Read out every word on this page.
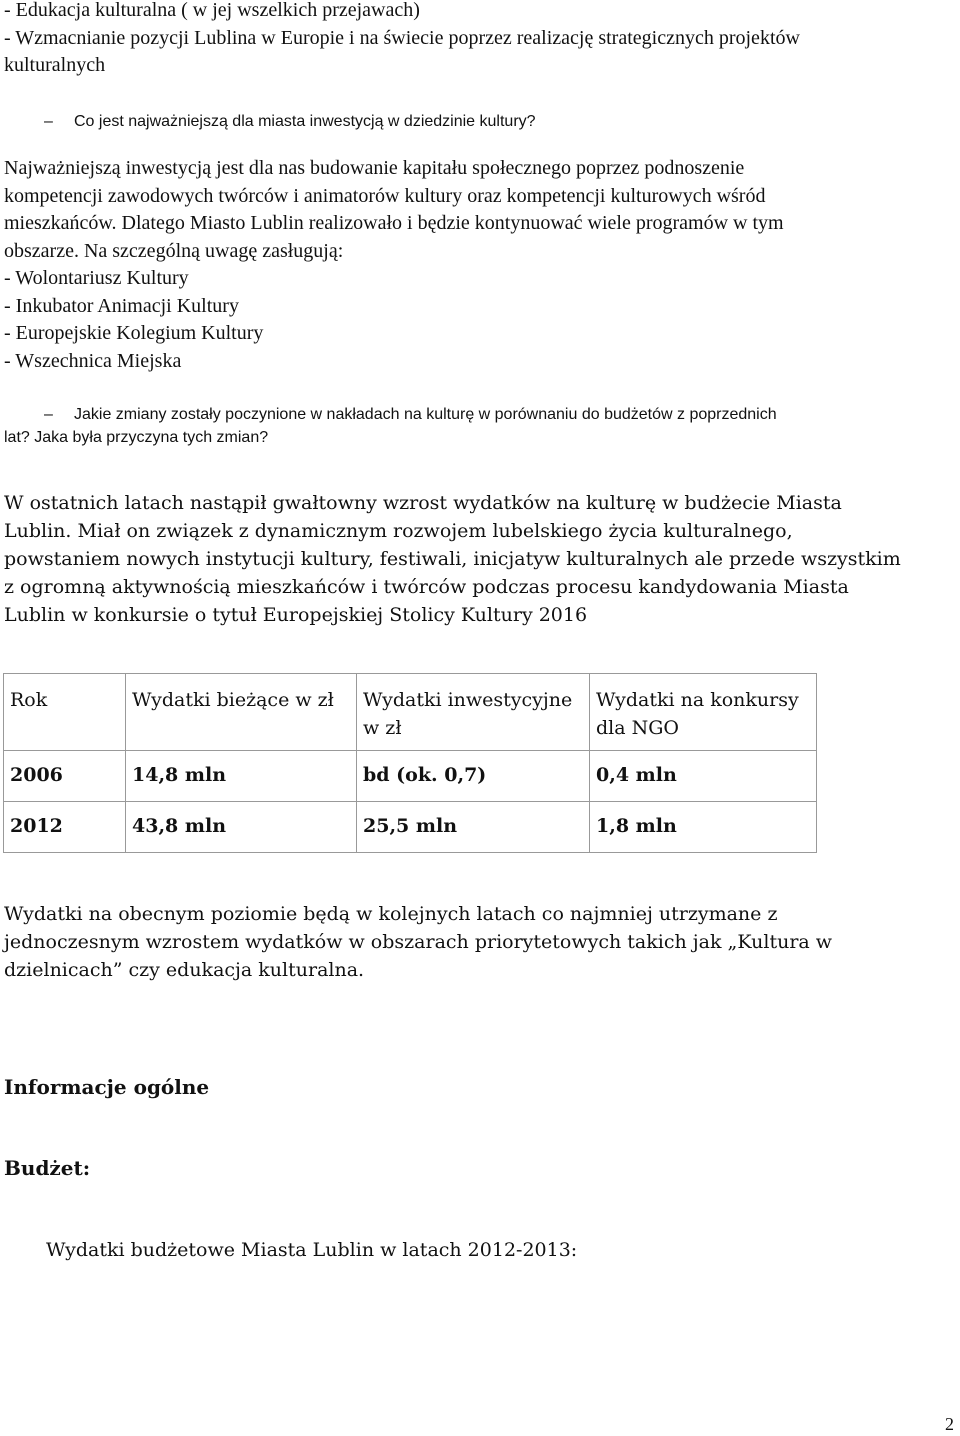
- Edukacja kulturalna ( w jej wszelkich przejawach)
- Wzmacnianie pozycji Lublina w Europie i na świecie poprzez realizację strategicznych projektów
kulturalnych
– Co jest najważniejszą dla miasta inwestycją w dziedzinie kultury?
Najważniejszą inwestycją jest dla nas budowanie kapitału społecznego poprzez podnoszenie
kompetencji zawodowych twórców i animatorów kultury oraz kompetencji kulturowych wśród
mieszkańców. Dlatego Miasto Lublin realizowało i będzie kontynuować wiele programów w tym
obszarze. Na szczególną uwagę zasługują:
- Wolontariusz Kultury
- Inkubator Animacji Kultury
- Europejskie Kolegium Kultury
- Wszechnica Miejska
– Jakie zmiany zostały poczynione w nakładach na kulturę w porównaniu do budżetów z poprzednich
lat? Jaka była przyczyna tych zmian?
W ostatnich latach nastąpił gwałtowny wzrost wydatków na kulturę w budżecie Miasta
Lublin. Miał on związek z dynamicznym rozwojem lubelskiego życia kulturalnego,
powstaniem nowych instytucji kultury, festiwali, inicjatyw kulturalnych ale przede wszystkim
z ogromną aktywnością mieszkańców i twórców podczas procesu kandydowania Miasta
Lublin w konkursie o tytuł Europejskiej Stolicy Kultury 2016
Rok	Wydatki bieżące w zł	Wydatki inwestycyjne w zł	Wydatki na konkursy dla NGO
2006	14,8 mln	bd (ok. 0,7)	0,4 mln
2012	43,8 mln	25,5 mln	1,8 mln
Wydatki na obecnym poziomie będą w kolejnych latach co najmniej utrzymane z
jednoczesnym wzrostem wydatków w obszarach priorytetowych takich jak „Kultura w
dzielnicach” czy edukacja kulturalna.
Informacje ogólne
Budżet:
Wydatki budżetowe Miasta Lublin w latach 2012-2013:
2
